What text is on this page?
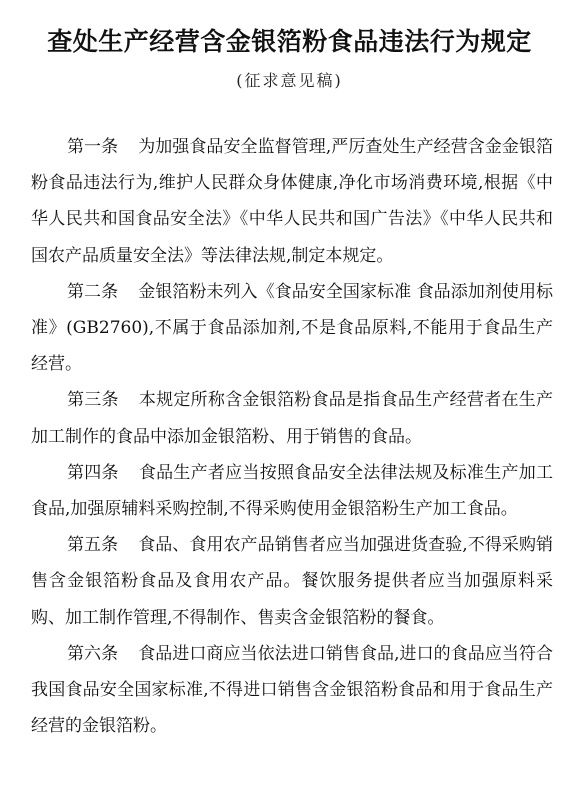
查处生产经营含金银箔粉食品违法行为规定
(征求意见稿)

第一条 为加强食品安全监督管理,严厉查处生产经营含金金银箔粉食品违法行为,维护人民群众身体健康,净化市场消费环境,根据《中华人民共和国食品安全法》《中华人民共和国广告法》《中华人民共和国农产品质量安全法》等法律法规,制定本规定。

第二条 金银箔粉未列入《食品安全国家标准 食品添加剂使用标准》(GB2760),不属于食品添加剂,不是食品原料,不能用于食品生产经营。

第三条 本规定所称含金银箔粉食品是指食品生产经营者在生产加工制作的食品中添加金银箔粉、用于销售的食品。

第四条 食品生产者应当按照食品安全法律法规及标准生产加工食品,加强原辅料采购控制,不得采购使用金银箔粉生产加工食品。

第五条 食品、食用农产品销售者应当加强进货查验,不得采购销售含金银箔粉食品及食用农产品。餐饮服务提供者应当加强原料采购、加工制作管理,不得制作、售卖含金银箔粉的餐食。

第六条 食品进口商应当依法进口销售食品,进口的食品应当符合我国食品安全国家标准,不得进口销售含金银箔粉食品和用于食品生产经营的金银箔粉。
